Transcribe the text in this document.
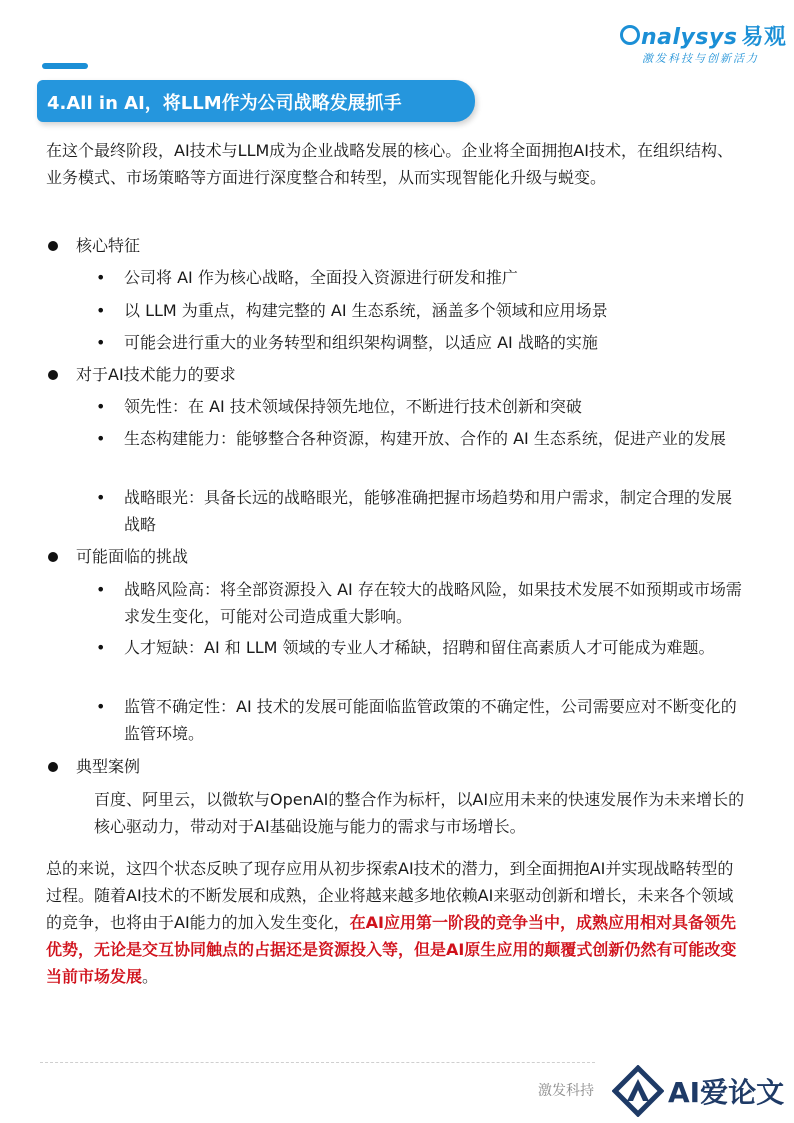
nalysys 易观
激发科技与创新活力
4.All in AI，将LLM作为公司战略发展抓手
在这个最终阶段，AI技术与LLM成为企业战略发展的核心。企业将全面拥抱AI技术，在组织结构、业务模式、市场策略等方面进行深度整合和转型，从而实现智能化升级与蜕变。
核心特征
• 公司将 AI 作为核心战略，全面投入资源进行研发和推广
• 以 LLM 为重点，构建完整的 AI 生态系统，涵盖多个领域和应用场景
• 可能会进行重大的业务转型和组织架构调整，以适应 AI 战略的实施
对于AI技术能力的要求
• 领先性：在 AI 技术领域保持领先地位，不断进行技术创新和突破
• 生态构建能力：能够整合各种资源，构建开放、合作的 AI 生态系统，促进产业的发展
• 战略眼光：具备长远的战略眼光，能够准确把握市场趋势和用户需求，制定合理的发展战略
可能面临的挑战
• 战略风险高：将全部资源投入 AI 存在较大的战略风险，如果技术发展不如预期或市场需求发生变化，可能对公司造成重大影响。
• 人才短缺：AI 和 LLM 领域的专业人才稀缺，招聘和留住高素质人才可能成为难题。
• 监管不确定性：AI 技术的发展可能面临监管政策的不确定性，公司需要应对不断变化的监管环境。
典型案例
百度、阿里云，以微软与OpenAI的整合作为标杆，以AI应用未来的快速发展作为未来增长的核心驱动力，带动对于AI基础设施与能力的需求与市场增长。
总的来说，这四个状态反映了现存应用从初步探索AI技术的潜力，到全面拥抱AI并实现战略转型的过程。随着AI技术的不断发展和成熟，企业将越来越多地依赖AI来驱动创新和增长，未来各个领域的竞争，也将由于AI能力的加入发生变化，在AI应用第一阶段的竞争当中，成熟应用相对具备领先优势，无论是交互协同触点的占据还是资源投入等，但是AI原生应用的颠覆式创新仍然有可能改变当前市场发展。
激发科持	AI爱论文
